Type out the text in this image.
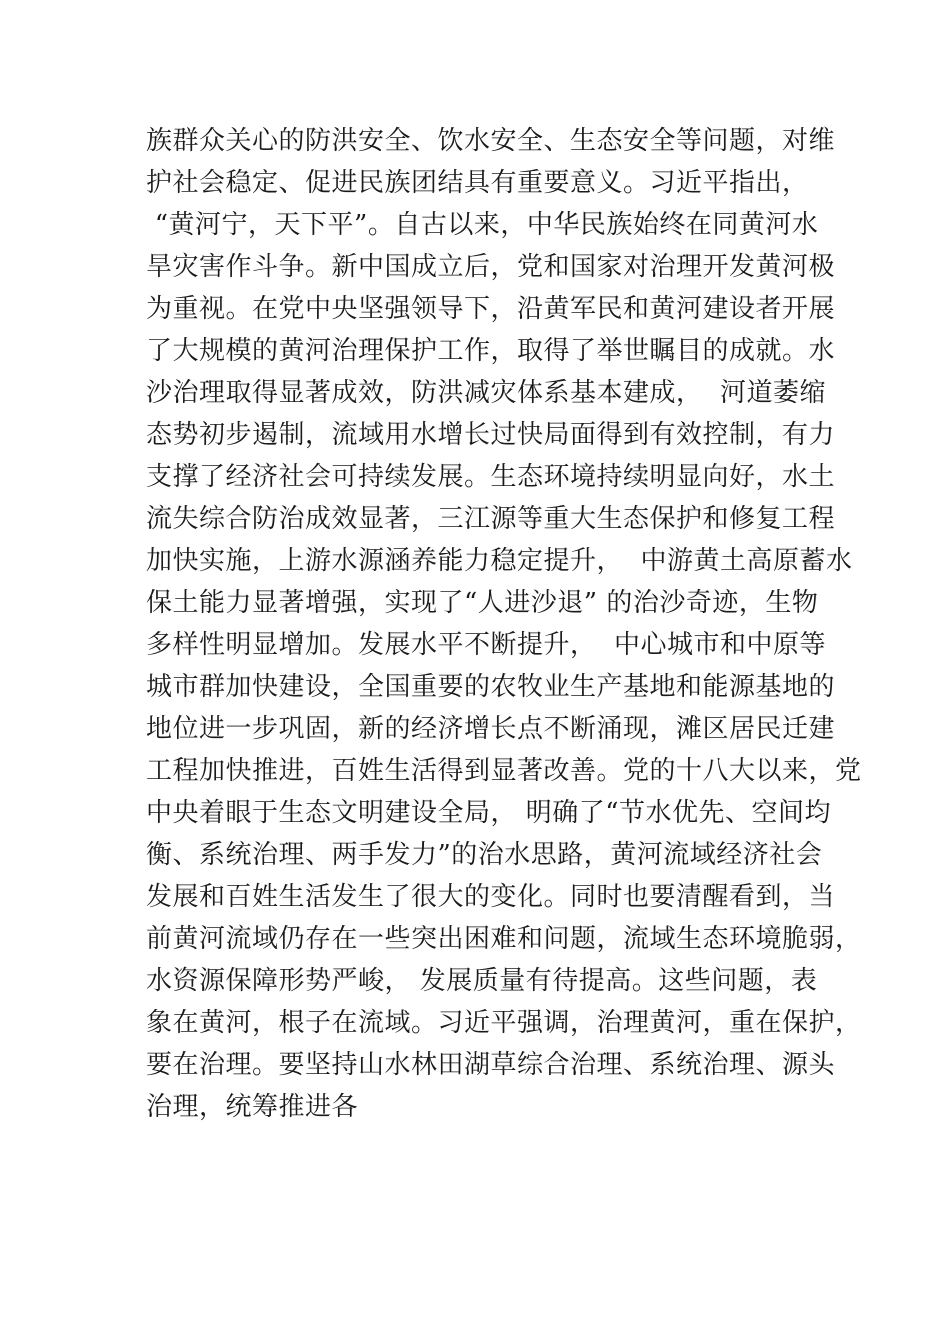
族群众关心的防洪安全、饮水安全、生态安全等问题，对维
护社会稳定、促进民族团结具有重要意义。习近平指出，
“黄河宁，天下平”。自古以来，中华民族始终在同黄河水
旱灾害作斗争。新中国成立后，党和国家对治理开发黄河极
为重视。在党中央坚强领导下，沿黄军民和黄河建设者开展
了大规模的黄河治理保护工作，取得了举世瞩目的成就。水
沙治理取得显著成效，防洪减灾体系基本建成，  河道萎缩
态势初步遏制，流域用水增长过快局面得到有效控制，有力
支撑了经济社会可持续发展。生态环境持续明显向好，水土
流失综合防治成效显著，三江源等重大生态保护和修复工程
加快实施，上游水源涵养能力稳定提升，  中游黄土高原蓄水
保土能力显著增强，实现了“人进沙退” 的治沙奇迹，生物
多样性明显增加。发展水平不断提升，  中心城市和中原等
城市群加快建设，全国重要的农牧业生产基地和能源基地的
地位进一步巩固，新的经济增长点不断涌现，滩区居民迁建
工程加快推进，百姓生活得到显著改善。党的十八大以来，党
中央着眼于生态文明建设全局， 明确了“节水优先、空间均
衡、系统治理、两手发力”的治水思路，黄河流域经济社会
发展和百姓生活发生了很大的变化。同时也要清醒看到，当
前黄河流域仍存在一些突出困难和问题，流域生态环境脆弱，
水资源保障形势严峻， 发展质量有待提高。这些问题，表
象在黄河，根子在流域。习近平强调，治理黄河，重在保护，
要在治理。要坚持山水林田湖草综合治理、系统治理、源头
治理，统筹推进各
